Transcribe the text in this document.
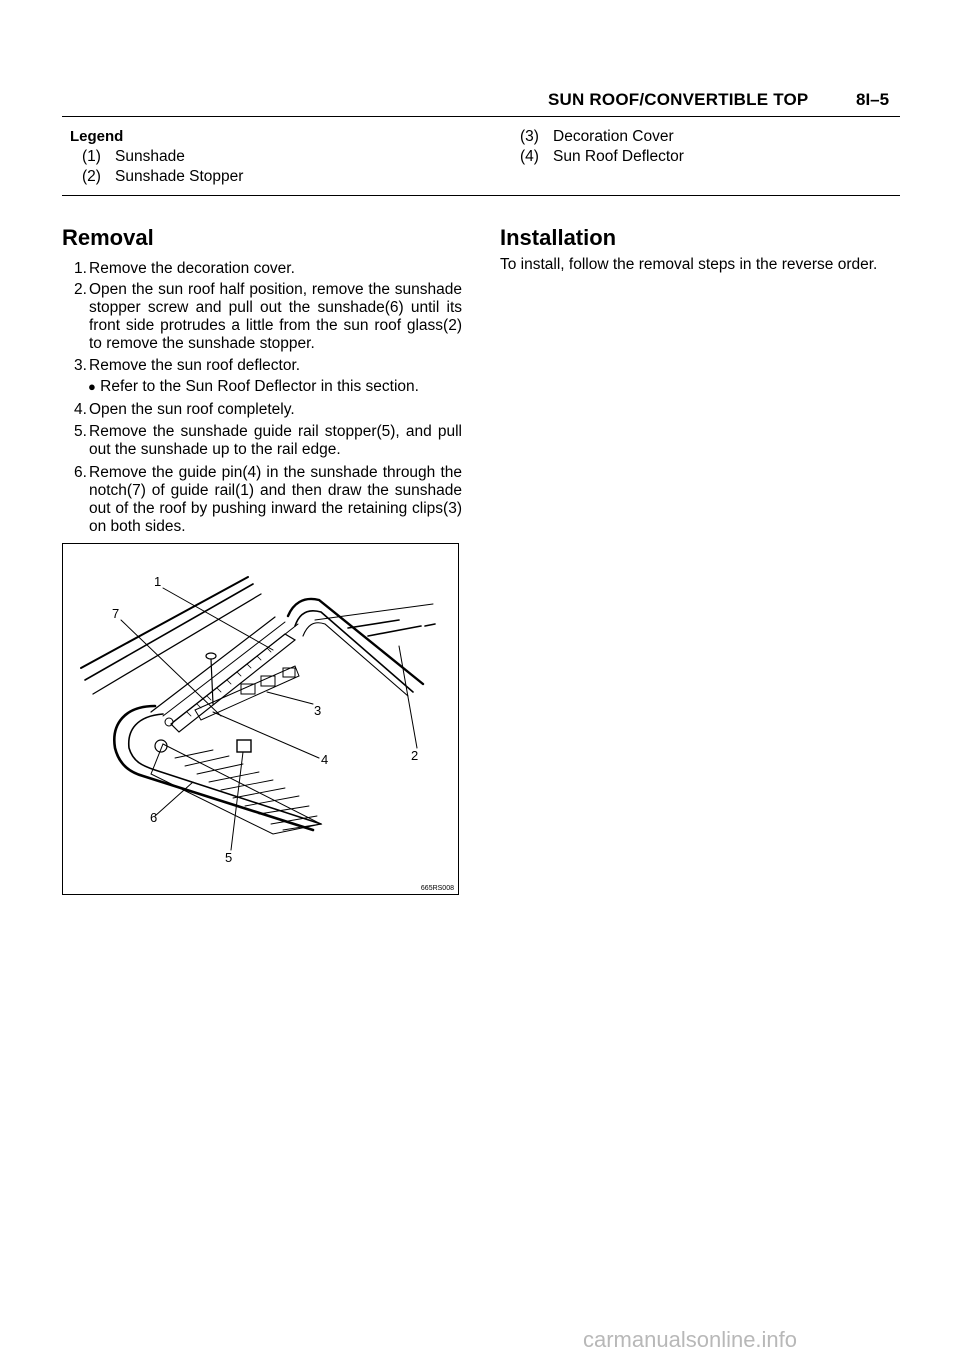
SUN ROOF/CONVERTIBLE TOP	8I–5
Legend
(1) Sunshade
(2) Sunshade Stopper
(3) Decoration Cover
(4) Sun Roof Deflector
Removal
1. Remove the decoration cover.
2. Open the sun roof half position, remove the sunshade stopper screw and pull out the sunshade(6) until its front side protrudes a little from the sun roof glass(2) to remove the sunshade stopper.
3. Remove the sun roof deflector.
● Refer to the Sun Roof Deflector in this section.
4. Open the sun roof completely.
5. Remove the sunshade guide rail stopper(5), and pull out the sunshade up to the rail edge.
6. Remove the guide pin(4) in the sunshade through the notch(7) of guide rail(1) and then draw the sunshade out of the roof by pushing inward the retaining clips(3) on both sides.
Installation
To install, follow the removal steps in the reverse order.
1
7
3
4	2
6
5
665RS008
carmanualsonline.info
